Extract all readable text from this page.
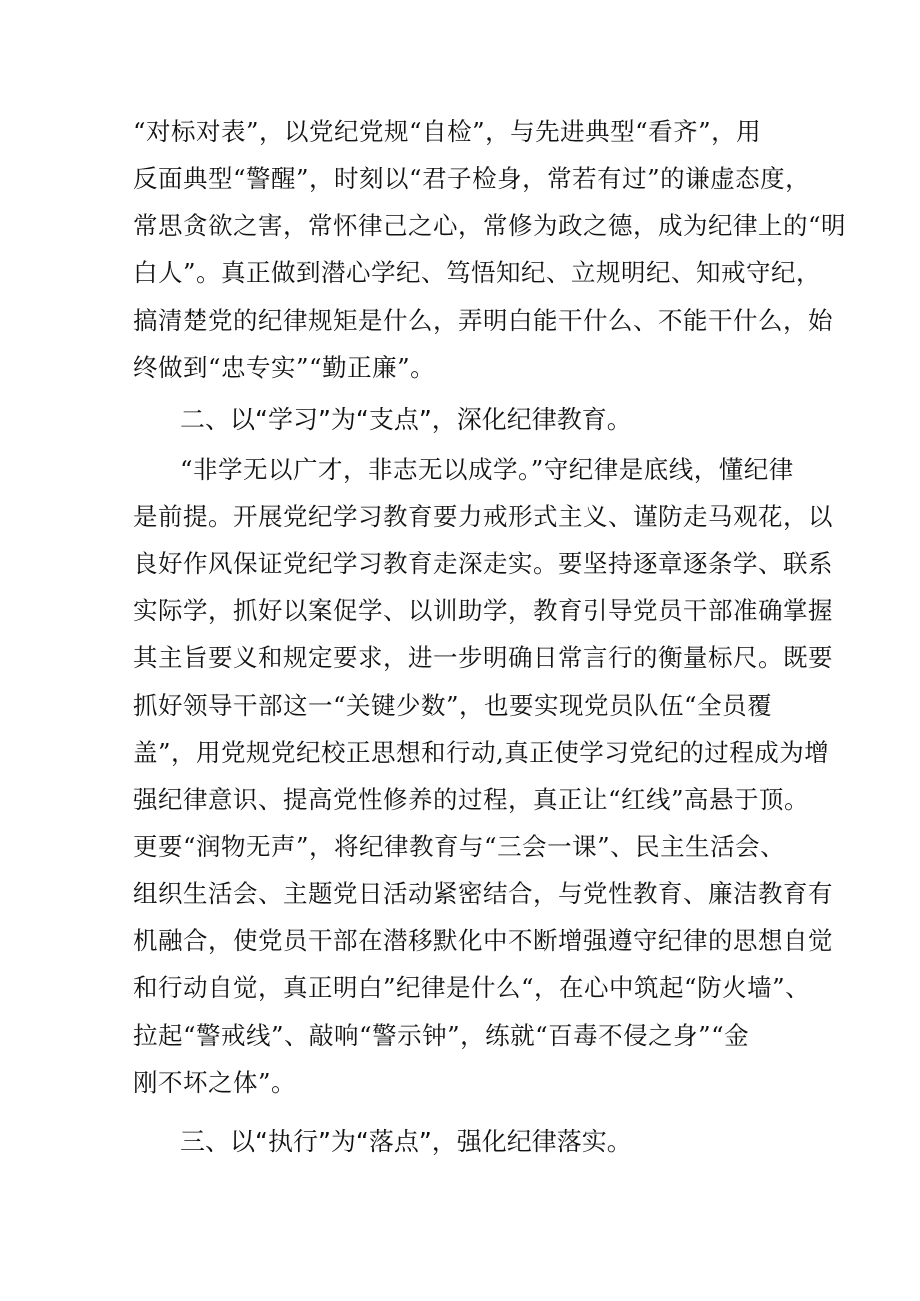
“对标对表”，以党纪党规“自检”，与先进典型“看齐”，用
反面典型“警醒”，时刻以“君子检身，常若有过”的谦虚态度，
常思贪欲之害，常怀律己之心，常修为政之德，成为纪律上的“明
白人”。真正做到潜心学纪、笃悟知纪、立规明纪、知戒守纪，
搞清楚党的纪律规矩是什么，弄明白能干什么、不能干什么，始
终做到“忠专实”“勤正廉”。
二、以“学习”为“支点”，深化纪律教育。
“非学无以广才，非志无以成学。”守纪律是底线，懂纪律
是前提。开展党纪学习教育要力戒形式主义、谨防走马观花，以
良好作风保证党纪学习教育走深走实。要坚持逐章逐条学、联系
实际学，抓好以案促学、以训助学，教育引导党员干部准确掌握
其主旨要义和规定要求，进一步明确日常言行的衡量标尺。既要
抓好领导干部这一“关键少数”，也要实现党员队伍“全员覆
盖”，用党规党纪校正思想和行动,真正使学习党纪的过程成为增
强纪律意识、提高党性修养的过程，真正让“红线”高悬于顶。
更要“润物无声”，将纪律教育与“三会一课”、民主生活会、
组织生活会、主题党日活动紧密结合，与党性教育、廉洁教育有
机融合，使党员干部在潜移默化中不断增强遵守纪律的思想自觉
和行动自觉，真正明白”纪律是什么“，在心中筑起“防火墙”、
拉起“警戒线”、敲响“警示钟”，练就“百毒不侵之身”“金
刚不坏之体”。
三、以“执行”为“落点”，强化纪律落实。
